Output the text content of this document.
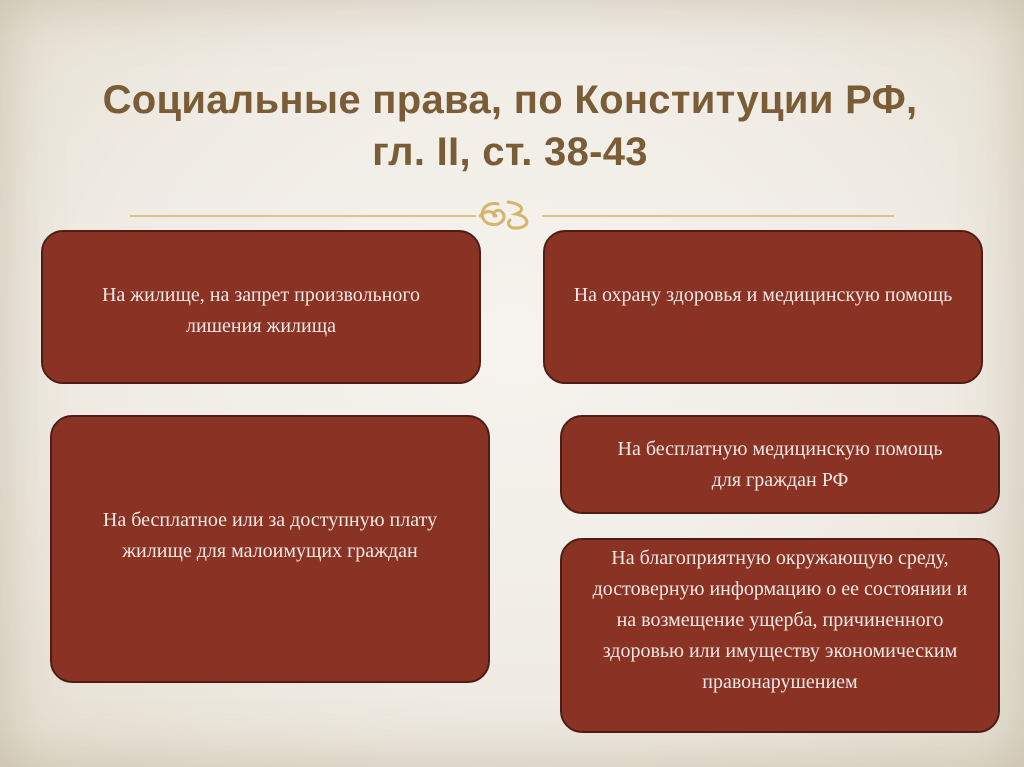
Социальные права, по Конституции РФ,
гл. II, ст. 38-43
На жилище, на запрет произвольного лишения жилища
На охрану здоровья и медицинскую помощь
На бесплатное или за доступную плату жилище для малоимущих граждан
На бесплатную медицинскую помощь для граждан РФ
На благоприятную окружающую среду, достоверную информацию о ее состоянии и на возмещение ущерба, причиненного здоровью или имуществу экономическим правонарушением
